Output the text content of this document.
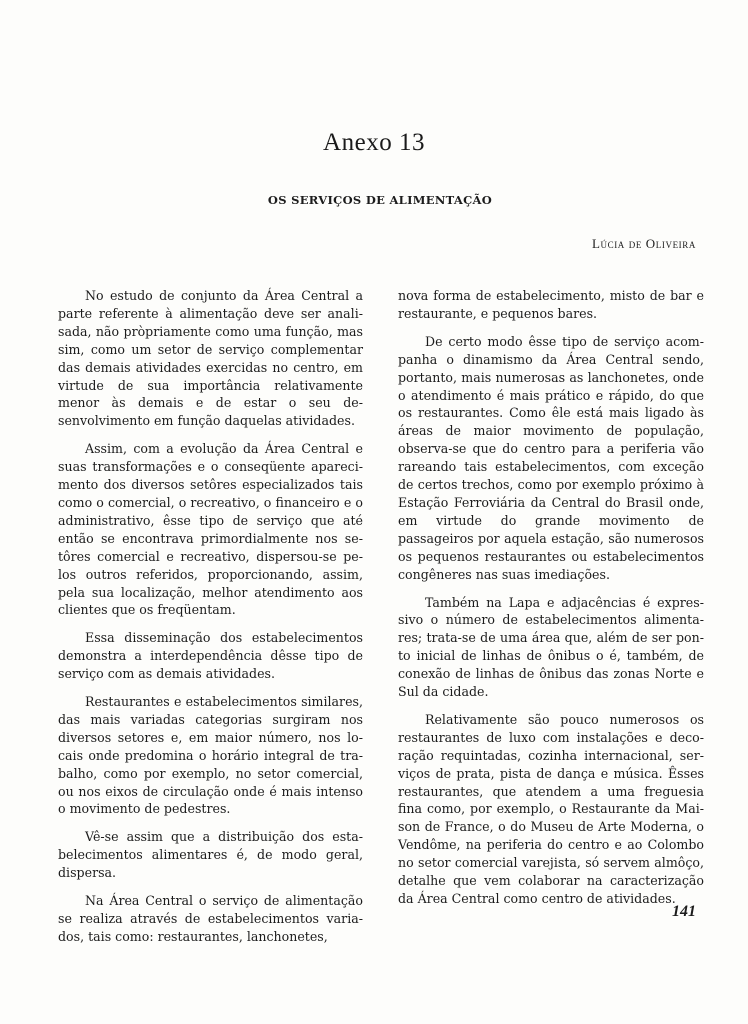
Anexo 13
OS SERVIÇOS DE ALIMENTAÇÃO
Lúcia de Oliveira

No estudo de conjunto da Área Central a parte referente à alimentação deve ser analisada, não pròpriamente como uma função, mas sim, como um setor de serviço complementar das demais atividades exercidas no centro, em virtude de sua importância relativamente menor às demais e de estar o seu desenvolvimento em função daquelas atividades.

Assim, com a evolução da Área Central e suas transformações e o conseqüente aparecimento dos diversos setôres especializados tais como o comercial, o recreativo, o financeiro e o administrativo, êsse tipo de serviço que até então se encontrava primordialmente nos setôres comercial e recreativo, dispersou-se pelos outros referidos, proporcionando, assim, pela sua localização, melhor atendimento aos clientes que os freqüentam.

Essa disseminação dos estabelecimentos demonstra a interdependência dêsse tipo de serviço com as demais atividades.

Restaurantes e estabelecimentos similares, das mais variadas categorias surgiram nos diversos setores e, em maior número, nos locais onde predomina o horário integral de trabalho, como por exemplo, no setor comercial, ou nos eixos de circulação onde é mais intenso o movimento de pedestres.

Vê-se assim que a distribuição dos estabelecimentos alimentares é, de modo geral, dispersa.

Na Área Central o serviço de alimentação se realiza através de estabelecimentos variados, tais como: restaurantes, lanchonetes,

nova forma de estabelecimento, misto de bar e restaurante, e pequenos bares.

De certo modo êsse tipo de serviço acompanha o dinamismo da Área Central sendo, portanto, mais numerosas as lanchonetes, onde o atendimento é mais prático e rápido, do que os restaurantes. Como êle está mais ligado às áreas de maior movimento de população, observa-se que do centro para a periferia vão rareando tais estabelecimentos, com exceção de certos trechos, como por exemplo próximo à Estação Ferroviária da Central do Brasil onde, em virtude do grande movimento de passageiros por aquela estação, são numerosos os pequenos restaurantes ou estabelecimentos congêneres nas suas imediações.

Também na Lapa e adjacências é expressivo o número de estabelecimentos alimentares; trata-se de uma área que, além de ser ponto inicial de linhas de ônibus o é, também, de conexão de linhas de ônibus das zonas Norte e Sul da cidade.

Relativamente são pouco numerosos os restaurantes de luxo com instalações e decoração requintadas, cozinha internacional, serviços de prata, pista de dança e música. Êsses restaurantes, que atendem a uma freguesia fina como, por exemplo, o Restaurante da Maison de France, o do Museu de Arte Moderna, o Vendôme, na periferia do centro e ao Colombo no setor comercial varejista, só servem almôço, detalhe que vem colaborar na caracterização da Área Central como centro de atividades.

141
